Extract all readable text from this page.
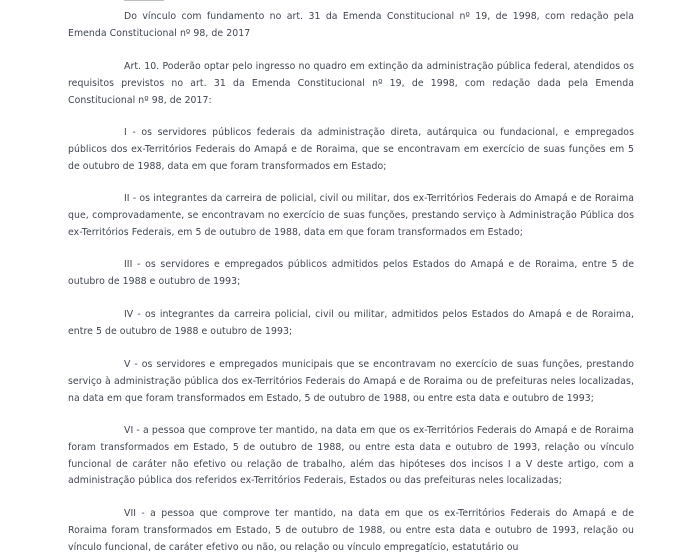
Do vínculo com fundamento no art. 31 da Emenda Constitucional nº 19, de 1998, com redação pela Emenda Constitucional nº 98, de 2017

Art. 10. Poderão optar pelo ingresso no quadro em extinção da administração pública federal, atendidos os requisitos previstos no art. 31 da Emenda Constitucional nº 19, de 1998, com redação dada pela Emenda Constitucional nº 98, de 2017:

I - os servidores públicos federais da administração direta, autárquica ou fundacional, e empregados públicos dos ex-Territórios Federais do Amapá e de Roraima, que se encontravam em exercício de suas funções em 5 de outubro de 1988, data em que foram transformados em Estado;

II - os integrantes da carreira de policial, civil ou militar, dos ex-Territórios Federais do Amapá e de Roraima que, comprovadamente, se encontravam no exercício de suas funções, prestando serviço à Administração Pública dos ex-Territórios Federais, em 5 de outubro de 1988, data em que foram transformados em Estado;

III - os servidores e empregados públicos admitidos pelos Estados do Amapá e de Roraima, entre 5 de outubro de 1988 e outubro de 1993;

IV - os integrantes da carreira policial, civil ou militar, admitidos pelos Estados do Amapá e de Roraima, entre 5 de outubro de 1988 e outubro de 1993;

V - os servidores e empregados municipais que se encontravam no exercício de suas funções, prestando serviço à administração pública dos ex-Territórios Federais do Amapá e de Roraima ou de prefeituras neles localizadas, na data em que foram transformados em Estado, 5 de outubro de 1988, ou entre esta data e outubro de 1993;

VI - a pessoa que comprove ter mantido, na data em que os ex-Territórios Federais do Amapá e de Roraima foram transformados em Estado, 5 de outubro de 1988, ou entre esta data e outubro de 1993, relação ou vínculo funcional de caráter não efetivo ou relação de trabalho, além das hipóteses dos incisos I a V deste artigo, com a administração pública dos referidos ex-Territórios Federais, Estados ou das prefeituras neles localizadas;

VII - a pessoa que comprove ter mantido, na data em que os ex-Territórios Federais do Amapá e de Roraima foram transformados em Estado, 5 de outubro de 1988, ou entre esta data e outubro de 1993, relação ou vínculo funcional, de caráter efetivo ou não, ou relação ou vínculo empregatício, estatutário ou
